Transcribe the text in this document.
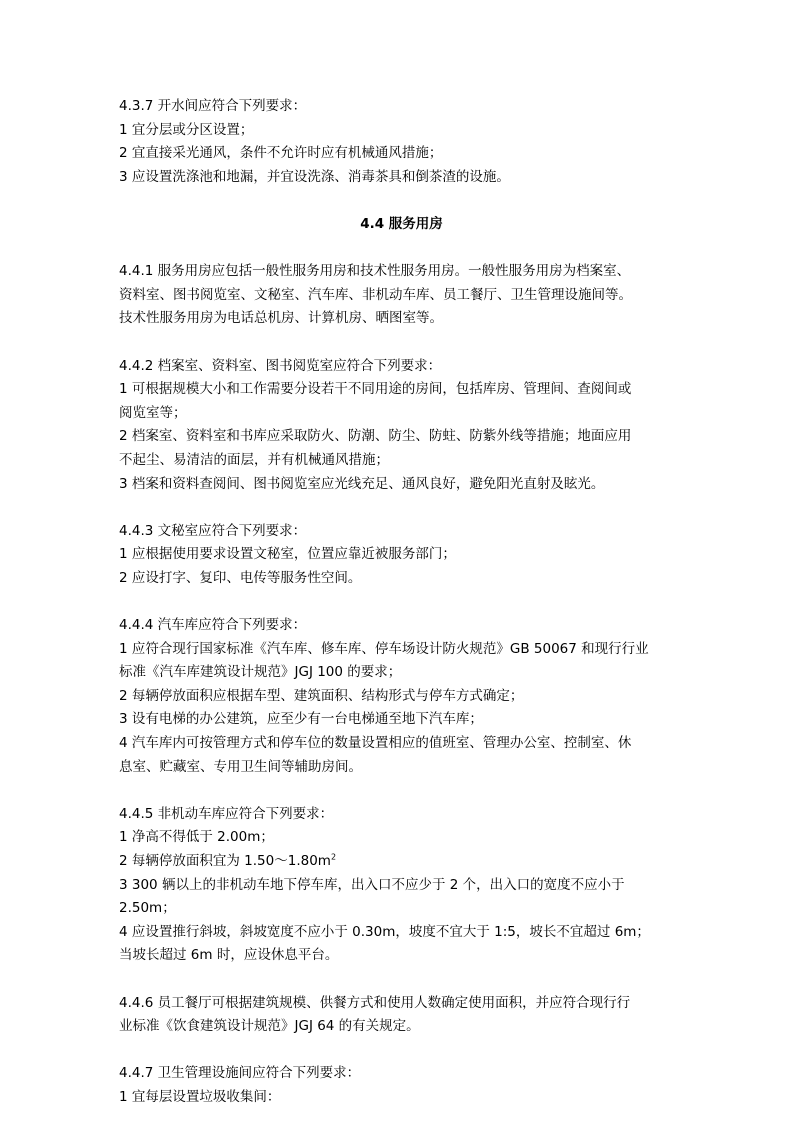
4.3.7 开水间应符合下列要求：
1 宜分层或分区设置；
2 宜直接采光通风，条件不允许时应有机械通风措施；
3 应设置洗涤池和地漏，并宜设洗涤、消毒茶具和倒茶渣的设施。
4.4 服务用房
4.4.1 服务用房应包括一般性服务用房和技术性服务用房。一般性服务用房为档案室、
资料室、图书阅览室、文秘室、汽车库、非机动车库、员工餐厅、卫生管理设施间等。
技术性服务用房为电话总机房、计算机房、晒图室等。
4.4.2 档案室、资料室、图书阅览室应符合下列要求：
1 可根据规模大小和工作需要分设若干不同用途的房间，包括库房、管理间、查阅间或
阅览室等；
2 档案室、资料室和书库应采取防火、防潮、防尘、防蛀、防紫外线等措施；地面应用
不起尘、易清洁的面层，并有机械通风措施；
3 档案和资料查阅间、图书阅览室应光线充足、通风良好，避免阳光直射及眩光。
4.4.3 文秘室应符合下列要求：
1 应根据使用要求设置文秘室，位置应靠近被服务部门；
2 应设打字、复印、电传等服务性空间。
4.4.4 汽车库应符合下列要求：
1 应符合现行国家标准《汽车库、修车库、停车场设计防火规范》GB 50067 和现行行业
标准《汽车库建筑设计规范》JGJ 100 的要求；
2 每辆停放面积应根据车型、建筑面积、结构形式与停车方式确定；
3 设有电梯的办公建筑，应至少有一台电梯通至地下汽车库；
4 汽车库内可按管理方式和停车位的数量设置相应的值班室、管理办公室、控制室、休
息室、贮藏室、专用卫生间等辅助房间。
4.4.5 非机动车库应符合下列要求：
1 净高不得低于 2.00m；
2 每辆停放面积宜为 $1.50\sim 1.80m^2$
3 300 辆以上的非机动车地下停车库，出入口不应少于 2 个，出入口的宽度不应小于
2.50m；
4 应设置推行斜坡，斜坡宽度不应小于 0.30m，坡度不宜大于 1:5，坡长不宜超过 6m；
当坡长超过 6m 时，应设休息平台。
4.4.6 员工餐厅可根据建筑规模、供餐方式和使用人数确定使用面积，并应符合现行行
业标准《饮食建筑设计规范》JGJ 64 的有关规定。
4.4.7 卫生管理设施间应符合下列要求：
1 宜每层设置垃圾收集间：
